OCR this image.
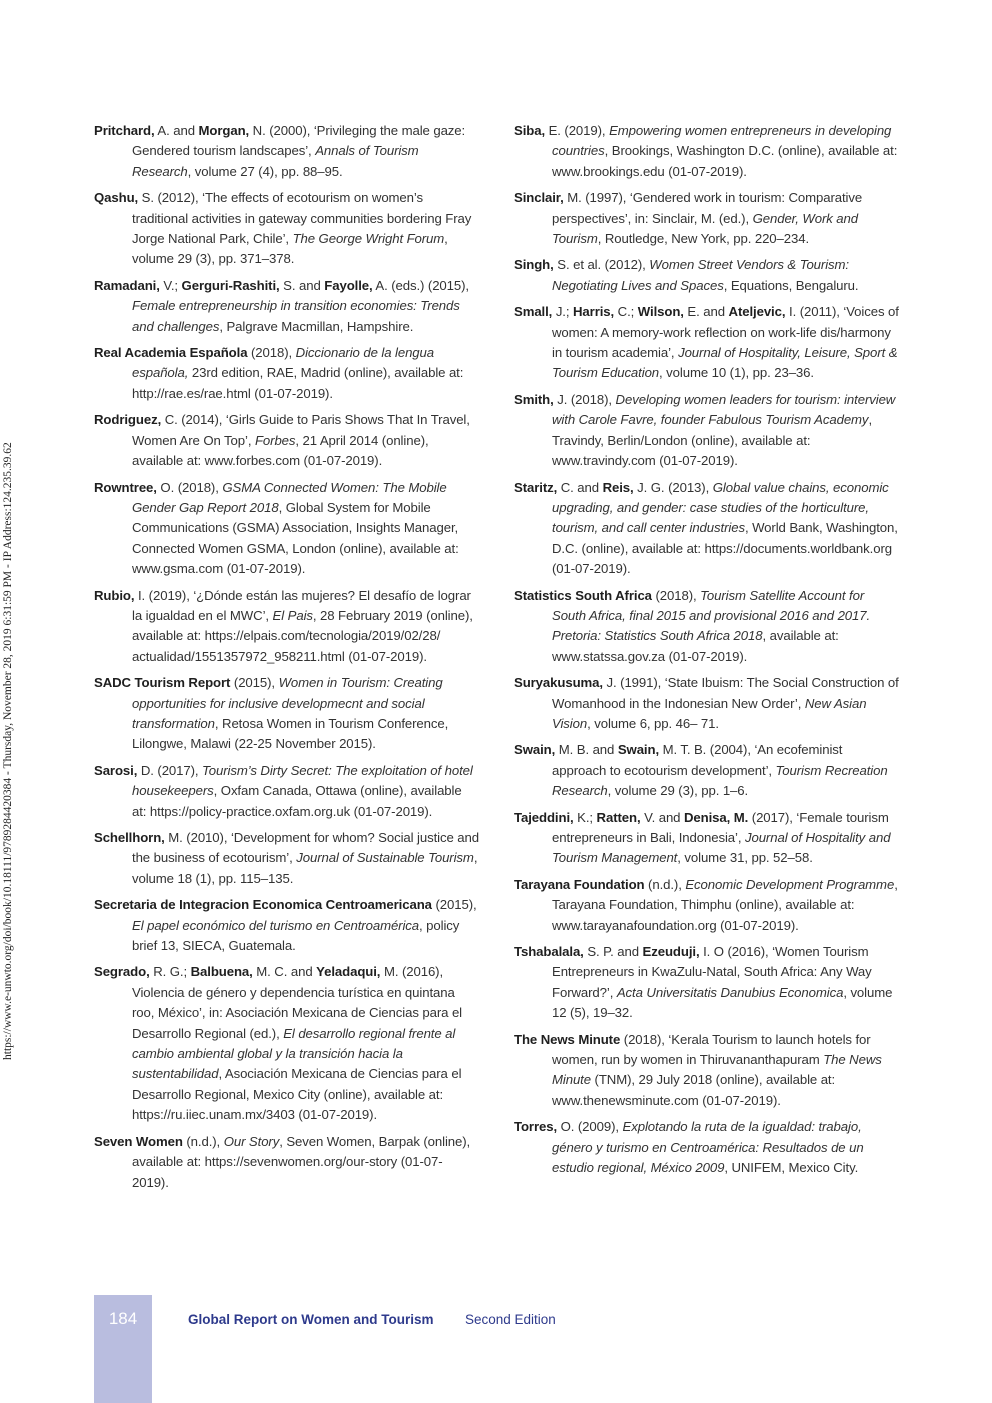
Pritchard, A. and Morgan, N. (2000), ‘Privileging the male gaze: Gendered tourism landscapes’, Annals of Tourism Research, volume 27 (4), pp. 88–95.

Qashu, S. (2012), ‘The effects of ecotourism on women’s traditional activities in gateway communities bordering Fray Jorge National Park, Chile’, The George Wright Forum, volume 29 (3), pp. 371–378.

Ramadani, V.; Gerguri-Rashiti, S. and Fayolle, A. (eds.) (2015), Female entrepreneurship in transition economies: Trends and challenges, Palgrave Macmillan, Hampshire.

Real Academia Española (2018), Diccionario de la lengua española, 23rd edition, RAE, Madrid (online), available at: http://rae.es/rae.html (01-07-2019).

Rodriguez, C. (2014), ‘Girls Guide to Paris Shows That In Travel, Women Are On Top’, Forbes, 21 April 2014 (online), available at: www.forbes.com (01-07-2019).

Rowntree, O. (2018), GSMA Connected Women: The Mobile Gender Gap Report 2018, Global System for Mobile Communications (GSMA) Association, Insights Manager, Connected Women GSMA, London (online), available at: www.gsma.com (01-07-2019).

Rubio, I. (2019), ‘¿Dónde están las mujeres? El desafío de lograr la igualdad en el MWC’, El Pais, 28 February 2019 (online), available at: https://elpais.com/tecnologia/2019/02/28/ actualidad/1551357972_958211.html (01-07-2019).

SADC Tourism Report (2015), Women in Tourism: Creating opportunities for inclusive developmecnt and social transformation, Retosa Women in Tourism Conference, Lilongwe, Malawi (22-25 November 2015).

Sarosi, D. (2017), Tourism’s Dirty Secret: The exploitation of hotel housekeepers, Oxfam Canada, Ottawa (online), available at: https://policy-practice.oxfam.org.uk (01-07-2019).

Schellhorn, M. (2010), ‘Development for whom? Social justice and the business of ecotourism’, Journal of Sustainable Tourism, volume 18 (1), pp. 115–135.

Secretaria de Integracion Economica Centroamericana (2015), El papel económico del turismo en Centroamérica, policy brief 13, SIECA, Guatemala.

Segrado, R. G.; Balbuena, M. C. and Yeladaqui, M. (2016), Violencia de género y dependencia turística en quintana roo, México’, in: Asociación Mexicana de Ciencias para el Desarrollo Regional (ed.), El desarrollo regional frente al cambio ambiental global y la transición hacia la sustentabilidad, Asociación Mexicana de Ciencias para el Desarrollo Regional, Mexico City (online), available at: https://ru.iiec.unam.mx/3403 (01-07-2019).

Seven Women (n.d.), Our Story, Seven Women, Barpak (online), available at: https://sevenwomen.org/our-story (01-07-2019).

Siba, E. (2019), Empowering women entrepreneurs in developing countries, Brookings, Washington D.C. (online), available at: www.brookings.edu (01-07-2019).

Sinclair, M. (1997), ‘Gendered work in tourism: Comparative perspectives’, in: Sinclair, M. (ed.), Gender, Work and Tourism, Routledge, New York, pp. 220–234.

Singh, S. et al. (2012), Women Street Vendors & Tourism: Negotiating Lives and Spaces, Equations, Bengaluru.

Small, J.; Harris, C.; Wilson, E. and Ateljevic, I. (2011), ‘Voices of women: A memory-work reflection on work-life dis/harmony in tourism academia’, Journal of Hospitality, Leisure, Sport & Tourism Education, volume 10 (1), pp. 23–36.

Smith, J. (2018), Developing women leaders for tourism: interview with Carole Favre, founder Fabulous Tourism Academy, Travindy, Berlin/London (online), available at: www.travindy.com (01-07-2019).

Staritz, C. and Reis, J. G. (2013), Global value chains, economic upgrading, and gender: case studies of the horticulture, tourism, and call center industries, World Bank, Washington, D.C. (online), available at: https://documents.worldbank.org (01-07-2019).

Statistics South Africa (2018), Tourism Satellite Account for South Africa, final 2015 and provisional 2016 and 2017. Pretoria: Statistics South Africa 2018, available at: www.statssa.gov.za (01-07-2019).

Suryakusuma, J. (1991), ‘State Ibuism: The Social Construction of Womanhood in the Indonesian New Order’, New Asian Vision, volume 6, pp. 46– 71.

Swain, M. B. and Swain, M. T. B. (2004), ‘An ecofeminist approach to ecotourism development’, Tourism Recreation Research, volume 29 (3), pp. 1–6.

Tajeddini, K.; Ratten, V. and Denisa, M. (2017), ‘Female tourism entrepreneurs in Bali, Indonesia’, Journal of Hospitality and Tourism Management, volume 31, pp. 52–58.

Tarayana Foundation (n.d.), Economic Development Programme, Tarayana Foundation, Thimphu (online), available at: www.tarayanafoundation.org (01-07-2019).

Tshabalala, S. P. and Ezeuduji, I. O (2016), ‘Women Tourism Entrepreneurs in KwaZulu-Natal, South Africa: Any Way Forward?’, Acta Universitatis Danubius Economica, volume 12 (5), 19–32.

The News Minute (2018), ‘Kerala Tourism to launch hotels for women, run by women in Thiruvananthapuram The News Minute (TNM), 29 July 2018 (online), available at: www.thenewsminute.com (01-07-2019).

Torres, O. (2009), Explotando la ruta de la igualdad: trabajo, género y turismo en Centroamérica: Resultados de un estudio regional, México 2009, UNIFEM, Mexico City.

https://www.e-unwto.org/doi/book/10.18111/9789284420384 - Thursday, November 28, 2019 6:31:59 PM - IP Address:124.235.39.62
184	Global Report on Women and Tourism Second Edition
